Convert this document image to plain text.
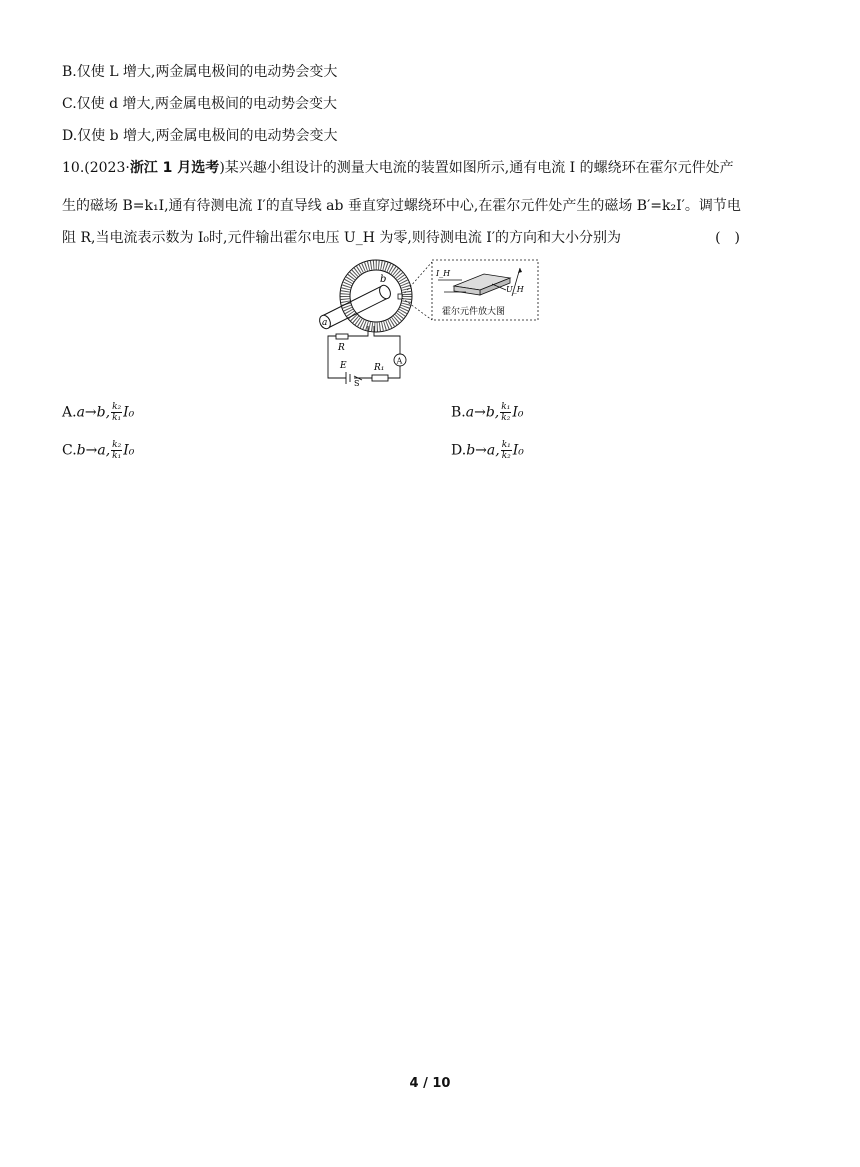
B.仅使 L 增大,两金属电极间的电动势会变大
C.仅使 d 增大,两金属电极间的电动势会变大
D.仅使 b 增大,两金属电极间的电动势会变大
10.(2023·浙江 1 月选考)某兴趣小组设计的测量大电流的装置如图所示,通有电流 I 的螺绕环在霍尔元件处产
生的磁场 B=k₁I,通有待测电流 I′的直导线 ab 垂直穿过螺绕环中心,在霍尔元件处产生的磁场 B′=k₂I′。调节电
阻 R,当电流表示数为 I₀时,元件输出霍尔电压 U_H 为零,则待测电流 I′的方向和大小分别为	(　)
a
b
I_H
U_H
霍尔元件放大图
A
R
E	R₁
S
A.a→b, $\frac{\text{k₂}}{\text{k₁}} I_0$	B.a→b, $\frac{\text{k₁}}{\text{k₂}} I_0$
C.b→a, $\frac{\text{k₂}}{\text{k₁}} I_0$	D.b→a, $\frac{\text{k₁}}{\text{k₂}} I_0$
4 / 10
